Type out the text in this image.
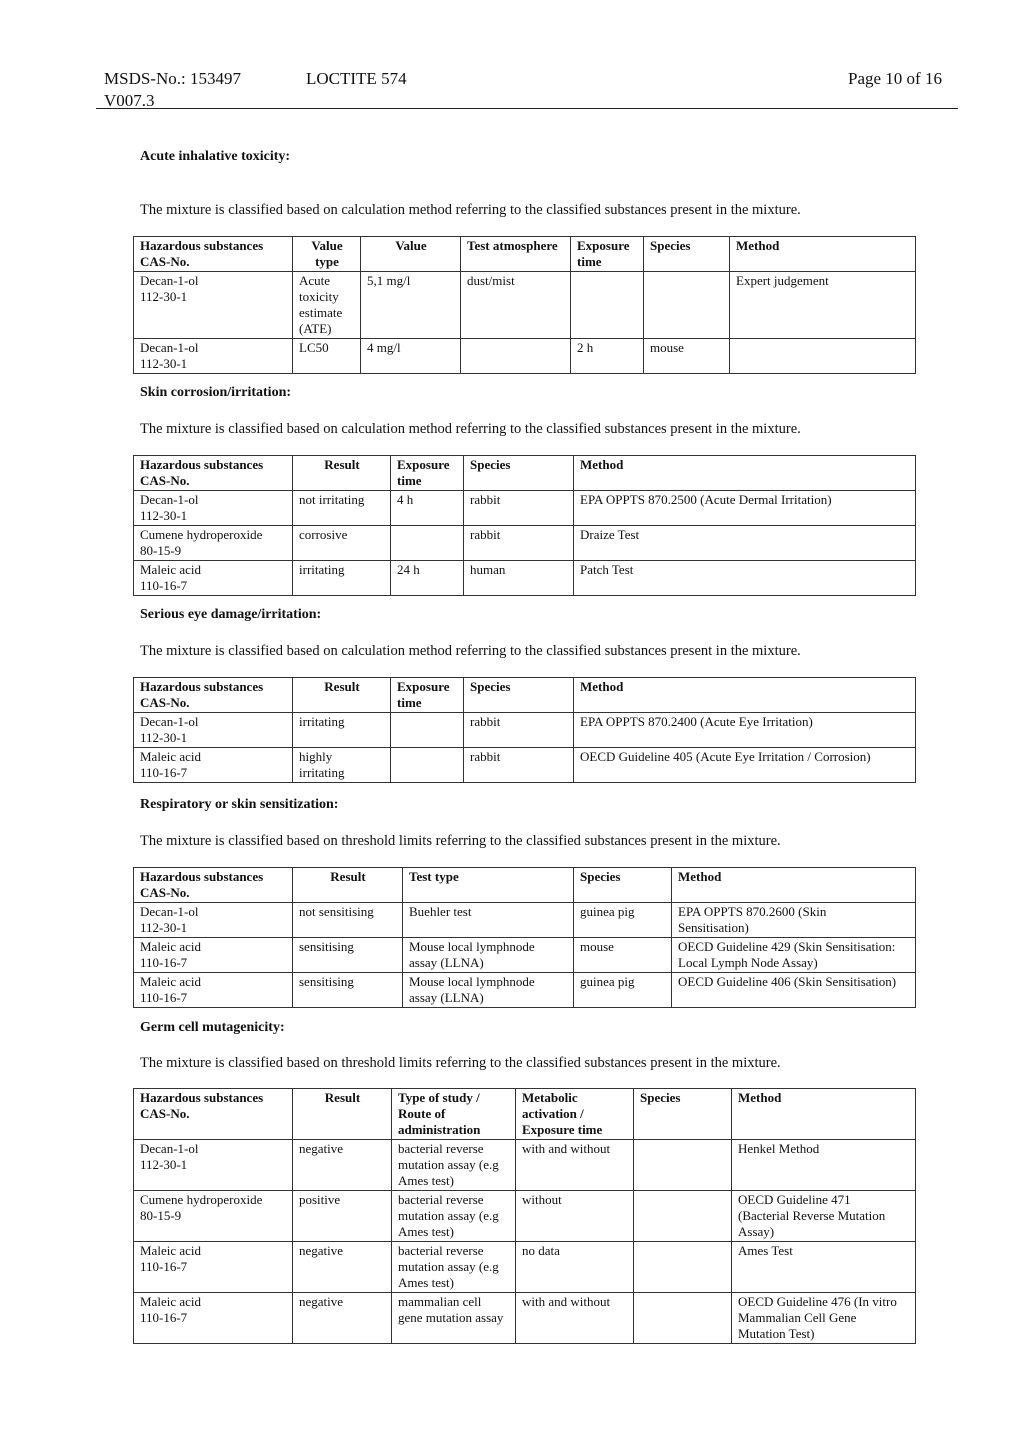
MSDS-No.: 153497
V007.3
LOCTITE 574	Page 10 of 16
Acute inhalative toxicity:
The mixture is classified based on calculation method referring to the classified substances present in the mixture.
Hazardous substances
CAS-No.	Value
type	Value	Test atmosphere	Exposure
time	Species	Method

Decan-1-ol
112-30-1	Acute
toxicity
estimate
(ATE)	5,1 mg/l	dust/mist			Expert judgement

Decan-1-ol
112-30-1	LC50	4 mg/l		2 h	mouse	
Skin corrosion/irritation:
The mixture is classified based on calculation method referring to the classified substances present in the mixture.
Hazardous substances
CAS-No.	Result	Exposure
time	Species	Method

Decan-1-ol
112-30-1	not irritating	4 h	rabbit	EPA OPPTS 870.2500 (Acute Dermal Irritation)

Cumene hydroperoxide
80-15-9	corrosive		rabbit	Draize Test

Maleic acid
110-16-7	irritating	24 h	human	Patch Test
Serious eye damage/irritation:
The mixture is classified based on calculation method referring to the classified substances present in the mixture.
Hazardous substances
CAS-No.	Result	Exposure
time	Species	Method

Decan-1-ol
112-30-1	irritating		rabbit	EPA OPPTS 870.2400 (Acute Eye Irritation)

Maleic acid
110-16-7	highly
irritating		rabbit	OECD Guideline 405 (Acute Eye Irritation / Corrosion)
Respiratory or skin sensitization:
The mixture is classified based on threshold limits referring to the classified substances present in the mixture.
Hazardous substances
CAS-No.	Result	Test type	Species	Method

Decan-1-ol
112-30-1	not sensitising	Buehler test	guinea pig	EPA OPPTS 870.2600 (Skin
Sensitisation)

Maleic acid
110-16-7	sensitising	Mouse local lymphnode
assay (LLNA)	mouse	OECD Guideline 429 (Skin Sensitisation:
Local Lymph Node Assay)

Maleic acid
110-16-7	sensitising	Mouse local lymphnode
assay (LLNA)	guinea pig	OECD Guideline 406 (Skin Sensitisation)
Germ cell mutagenicity:
The mixture is classified based on threshold limits referring to the classified substances present in the mixture.
Hazardous substances
CAS-No.	Result	Type of study /
Route of
administration	Metabolic
activation /
Exposure time	Species	Method

Decan-1-ol
112-30-1	negative	bacterial reverse
mutation assay (e.g
Ames test)	with and without		Henkel Method

Cumene hydroperoxide
80-15-9	positive	bacterial reverse
mutation assay (e.g
Ames test)	without		OECD Guideline 471
(Bacterial Reverse Mutation
Assay)

Maleic acid
110-16-7	negative	bacterial reverse
mutation assay (e.g
Ames test)	no data		Ames Test

Maleic acid
110-16-7	negative	mammalian cell
gene mutation assay	with and without		OECD Guideline 476 (In vitro
Mammalian Cell Gene
Mutation Test)
